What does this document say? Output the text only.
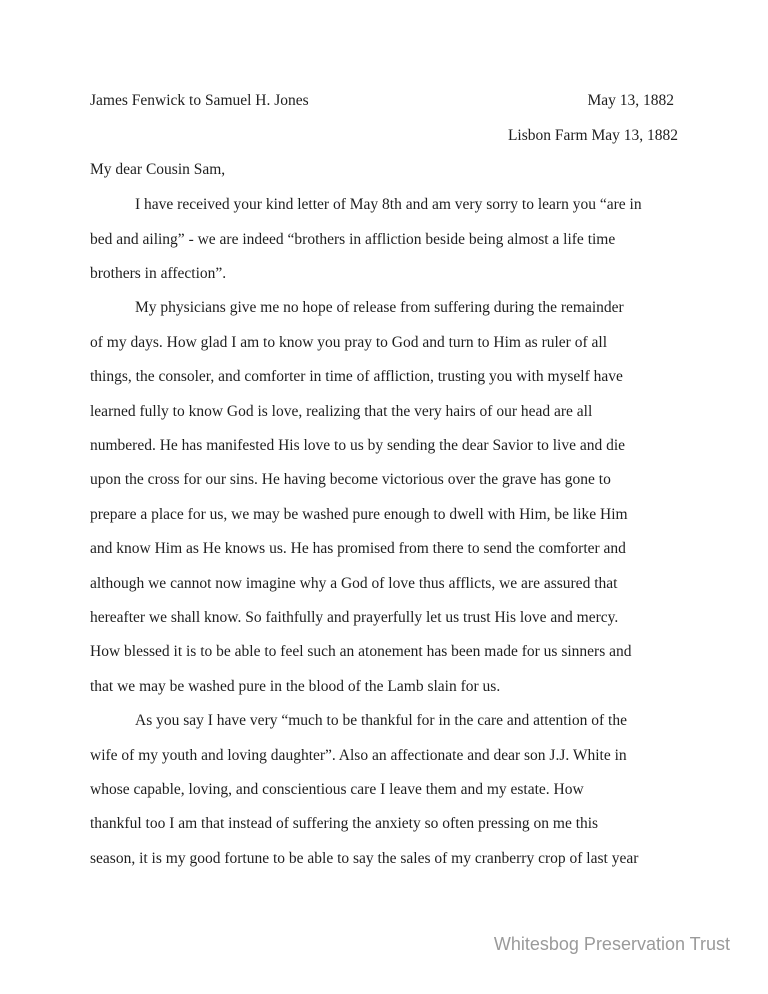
James Fenwick to Samuel H. Jones	May 13, 1882
Lisbon Farm May 13, 1882
My dear Cousin Sam,
I have received your kind letter of May 8th and am very sorry to learn you “are in
bed and ailing” - we are indeed “brothers in affliction beside being almost a life time
brothers in affection”.
My physicians give me no hope of release from suffering during the remainder
of my days. How glad I am to know you pray to God and turn to Him as ruler of all
things, the consoler, and comforter in time of affliction, trusting you with myself have
learned fully to know God is love, realizing that the very hairs of our head are all
numbered. He has manifested His love to us by sending the dear Savior to live and die
upon the cross for our sins. He having become victorious over the grave has gone to
prepare a place for us, we may be washed pure enough to dwell with Him, be like Him
and know Him as He knows us. He has promised from there to send the comforter and
although we cannot now imagine why a God of love thus afflicts, we are assured that
hereafter we shall know. So faithfully and prayerfully let us trust His love and mercy.
How blessed it is to be able to feel such an atonement has been made for us sinners and
that we may be washed pure in the blood of the Lamb slain for us.
As you say I have very “much to be thankful for in the care and attention of the
wife of my youth and loving daughter”. Also an affectionate and dear son J.J. White in
whose capable, loving, and conscientious care I leave them and my estate. How
thankful too I am that instead of suffering the anxiety so often pressing on me this
season, it is my good fortune to be able to say the sales of my cranberry crop of last year
Whitesbog Preservation Trust
